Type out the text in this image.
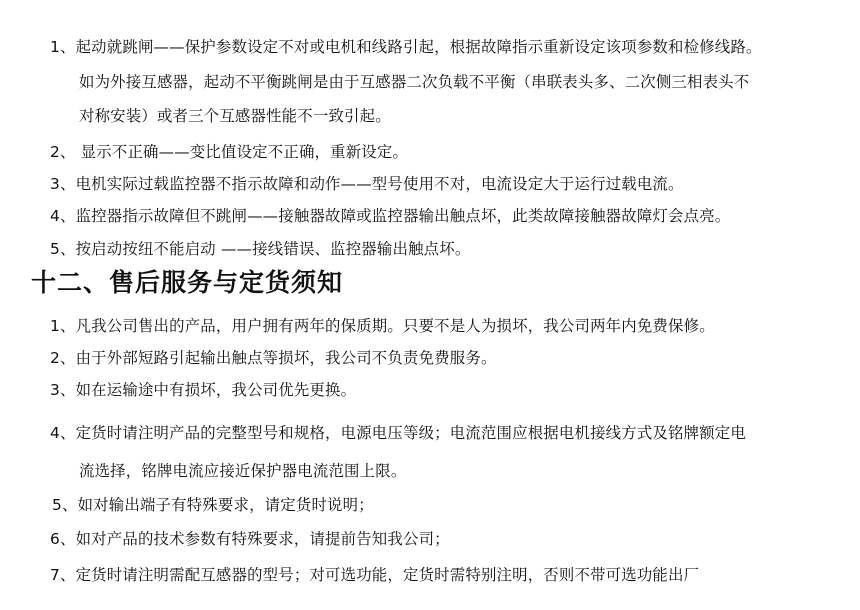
1、起动就跳闸——保护参数设定不对或电机和线路引起，根据故障指示重新设定该项参数和检修线路。
如为外接互感器，起动不平衡跳闸是由于互感器二次负载不平衡（串联表头多、二次侧三相表头不
对称安装）或者三个互感器性能不一致引起。
2、 显示不正确——变比值设定不正确，重新设定。
3、电机实际过载监控器不指示故障和动作——型号使用不对，电流设定大于运行过载电流。
4、监控器指示故障但不跳闸——接触器故障或监控器输出触点坏，此类故障接触器故障灯会点亮。
5、按启动按纽不能启动 ——接线错误、监控器输出触点坏。
十二、售后服务与定货须知
1、凡我公司售出的产品，用户拥有两年的保质期。只要不是人为损坏，我公司两年内免费保修。
2、由于外部短路引起输出触点等损坏，我公司不负责免费服务。
3、如在运输途中有损坏，我公司优先更换。
4、定货时请注明产品的完整型号和规格，电源电压等级；电流范围应根据电机接线方式及铭牌额定电
流选择，铭牌电流应接近保护器电流范围上限。
5、如对输出端子有特殊要求，请定货时说明；
6、如对产品的技术参数有特殊要求，请提前告知我公司；
7、定货时请注明需配互感器的型号；对可选功能，定货时需特别注明，否则不带可选功能出厂
